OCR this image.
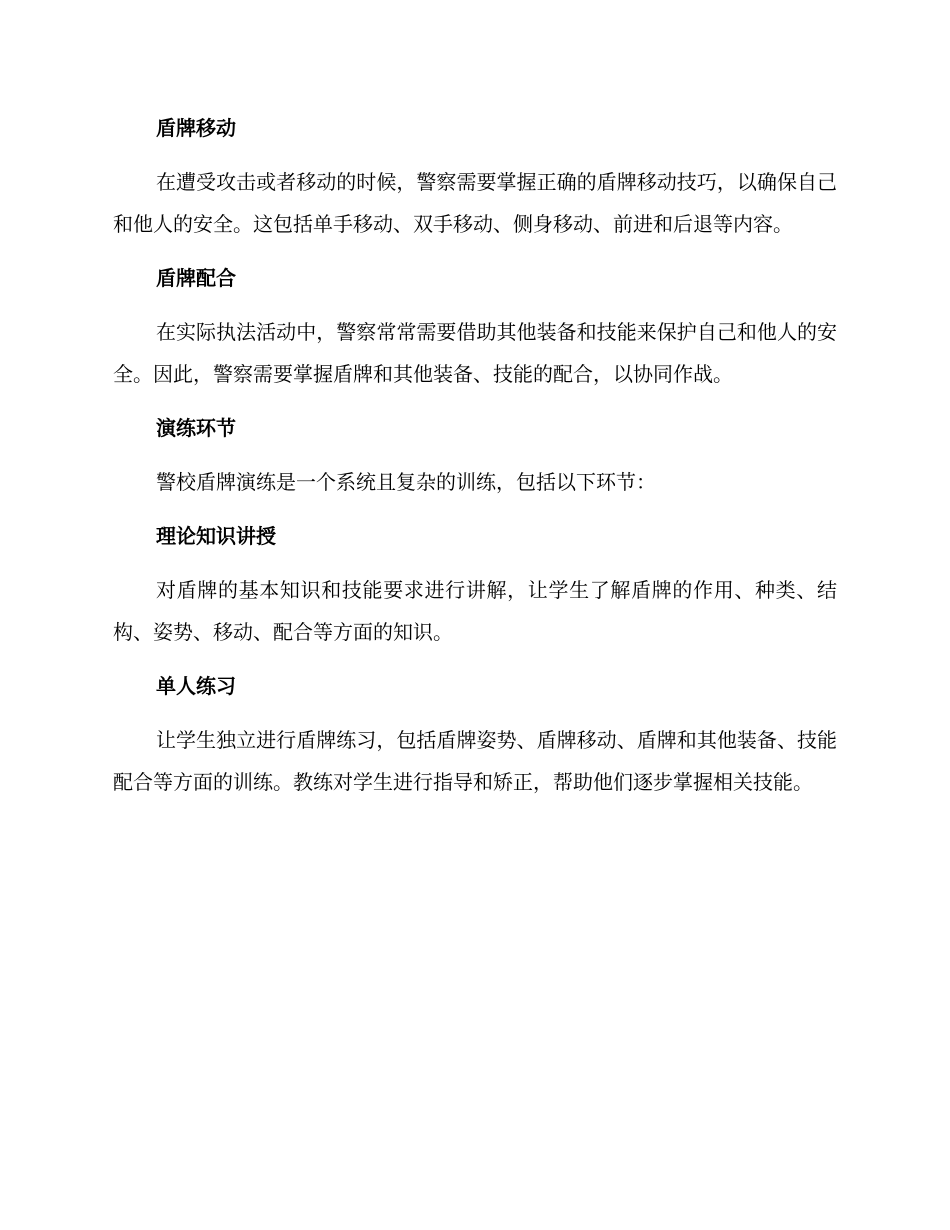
盾牌移动

在遭受攻击或者移动的时候，警察需要掌握正确的盾牌移动技巧，以确保自己和他人的安全。这包括单手移动、双手移动、侧身移动、前进和后退等内容。

盾牌配合

在实际执法活动中，警察常常需要借助其他装备和技能来保护自己和他人的安全。因此，警察需要掌握盾牌和其他装备、技能的配合，以协同作战。

演练环节

警校盾牌演练是一个系统且复杂的训练，包括以下环节：

理论知识讲授

对盾牌的基本知识和技能要求进行讲解，让学生了解盾牌的作用、种类、结构、姿势、移动、配合等方面的知识。

单人练习

让学生独立进行盾牌练习，包括盾牌姿势、盾牌移动、盾牌和其他装备、技能配合等方面的训练。教练对学生进行指导和矫正，帮助他们逐步掌握相关技能。
